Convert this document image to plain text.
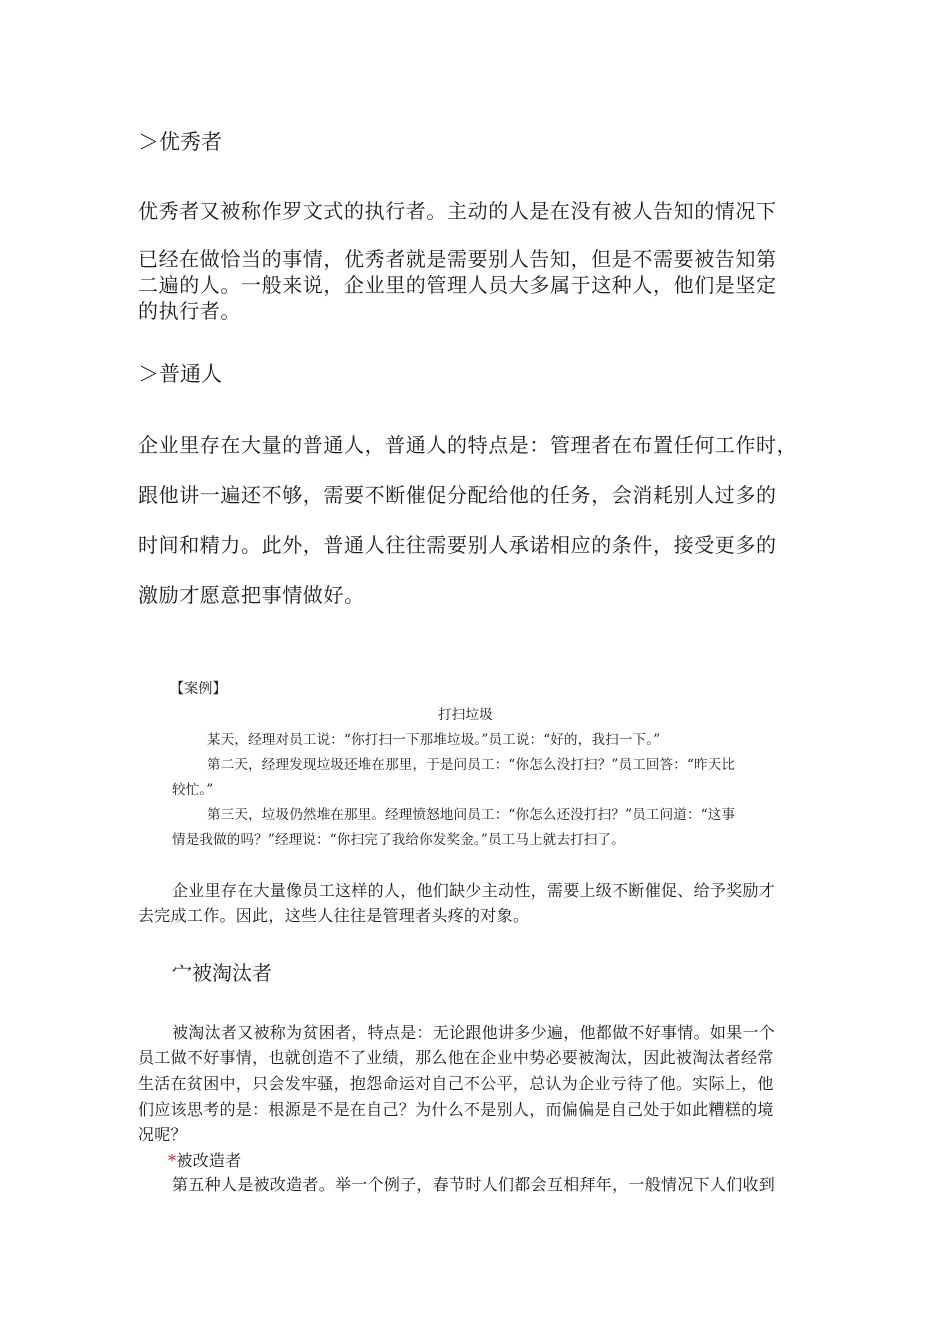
＞优秀者
优秀者又被称作罗文式的执行者。主动的人是在没有被人告知的情况下
已经在做恰当的事情，优秀者就是需要别人告知，但是不需要被告知第
二遍的人。一般来说，企业里的管理人员大多属于这种人，他们是坚定
的执行者。
＞普通人
企业里存在大量的普通人，普通人的特点是：管理者在布置任何工作时，
跟他讲一遍还不够，需要不断催促分配给他的任务，会消耗别人过多的
时间和精力。此外，普通人往往需要别人承诺相应的条件，接受更多的
激励才愿意把事情做好。
【案例】
打扫垃圾
某天，经理对员工说：“你打扫一下那堆垃圾。”员工说：“好的，我扫一下。”
第二天，经理发现垃圾还堆在那里，于是问员工：“你怎么没打扫？”员工回答：“昨天比
较忙。”
第三天，垃圾仍然堆在那里。经理愤怒地问员工：“你怎么还没打扫？”员工问道：“这事
情是我做的吗？”经理说：“你扫完了我给你发奖金。”员工马上就去打扫了。
企业里存在大量像员工这样的人，他们缺少主动性，需要上级不断催促、给予奖励才
去完成工作。因此，这些人往往是管理者头疼的对象。
宀被淘汰者
被淘汰者又被称为贫困者，特点是：无论跟他讲多少遍，他都做不好事情。如果一个
员工做不好事情，也就创造不了业绩，那么他在企业中势必要被淘汰，因此被淘汰者经常
生活在贫困中，只会发牢骚，抱怨命运对自己不公平，总认为企业亏待了他。实际上，他
们应该思考的是：根源是不是在自己？为什么不是别人，而偏偏是自己处于如此糟糕的境
况呢？
*被改造者
第五种人是被改造者。举一个例子，春节时人们都会互相拜年，一般情况下人们收到
